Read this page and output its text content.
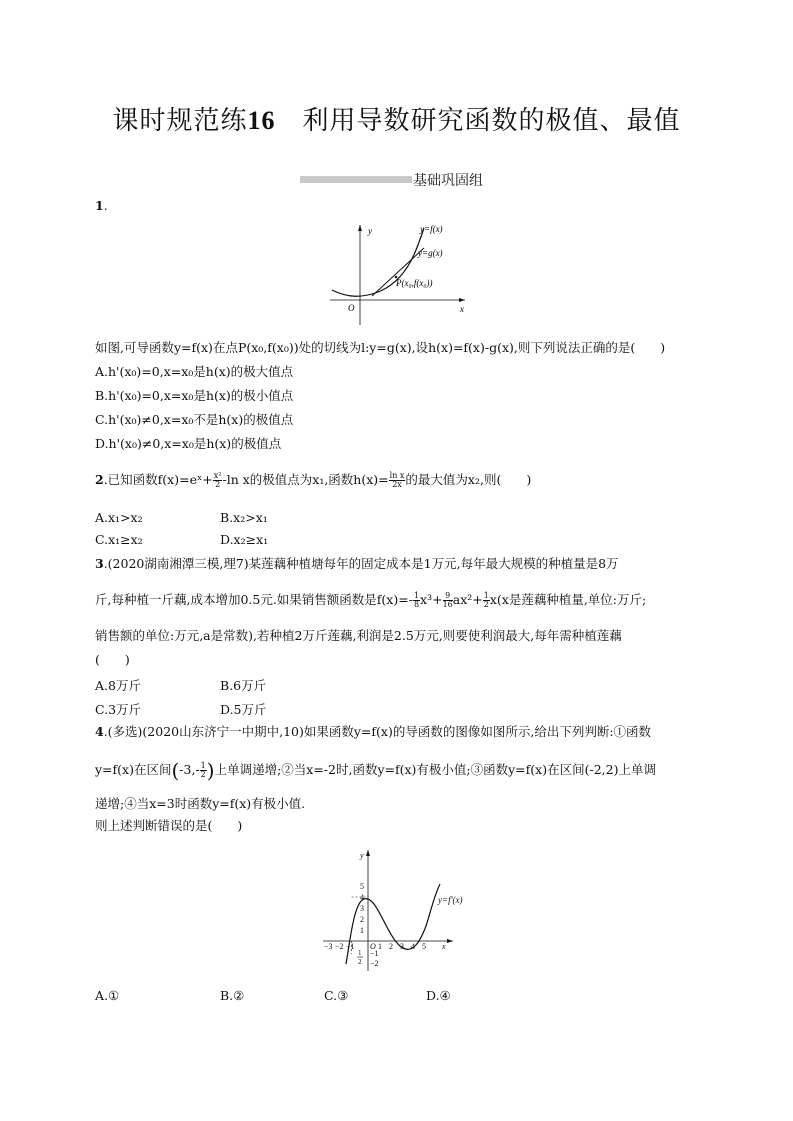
课时规范练16　 利用导数研究函数的极值、最值
基础巩固组
1.
y
x
O
y=f(x)
y=g(x)
P(x₀,f(x₀))
如图,可导函数y=f(x)在点P(x₀,f(x₀))处的切线为l:y=g(x),设h(x)=f(x)-g(x),则下列说法正确的是(　　)
A.h'(x₀)=0,x=x₀是h(x)的极大值点
B.h'(x₀)=0,x=x₀是h(x)的极小值点
C.h'(x₀)≠0,x=x₀不是h(x)的极值点
D.h'(x₀)≠0,x=x₀是h(x)的极值点
2.已知函数f(x)=eˣ+ $\frac{\text{x²}}{2} -\ln$ x的极值点为x₁,函数$h(x)= \frac{\text{ln x}}{2x}$ 的最大值为x₂,则(　　)
A.x₁>x₂	B.x₂>x₁
C.x₁≥x₂	D.x₂≥x₁
3.(2020湖南湘潭三模,理7)某莲藕种植塘每年的固定成本是1万元,每年最大规模的种植量是8万
斤,每种植一斤藕,成本增加0.5元.如果销售额函数是$f(x)=- \frac{1}{8} x^3+ \frac{9}{16} ax^2+ \frac{1}{2} x(x$是莲藕种植量,单位:万斤;
销售额的单位:万元,a是常数),若种植2万斤莲藕,利润是2.5万元,则要使利润最大,每年需种植莲藕
(　　)
A.8万斤	B.6万斤
C.3万斤	D.5万斤
4.(多选)(2020山东济宁一中期中,10)如果函数y=f(x)的导函数的图像如图所示,给出下列判断:①函数
y=f(x)在区间($-3,- \frac{1}{2}$ )上单调递增;②当x=-2时,函数y=f(x)有极小值;③函数y=f(x)在区间(-2,2)上单调
递增;④当x=3时函数y=f(x)有极小值.
则上述判断错误的是(　　)
−3 −2 −1 O 1 2 3 4 5 x
1
2
3
4
5
y
−1
−2
1
2
y=f′(x)
A.①	B.②	C.③	D.④
